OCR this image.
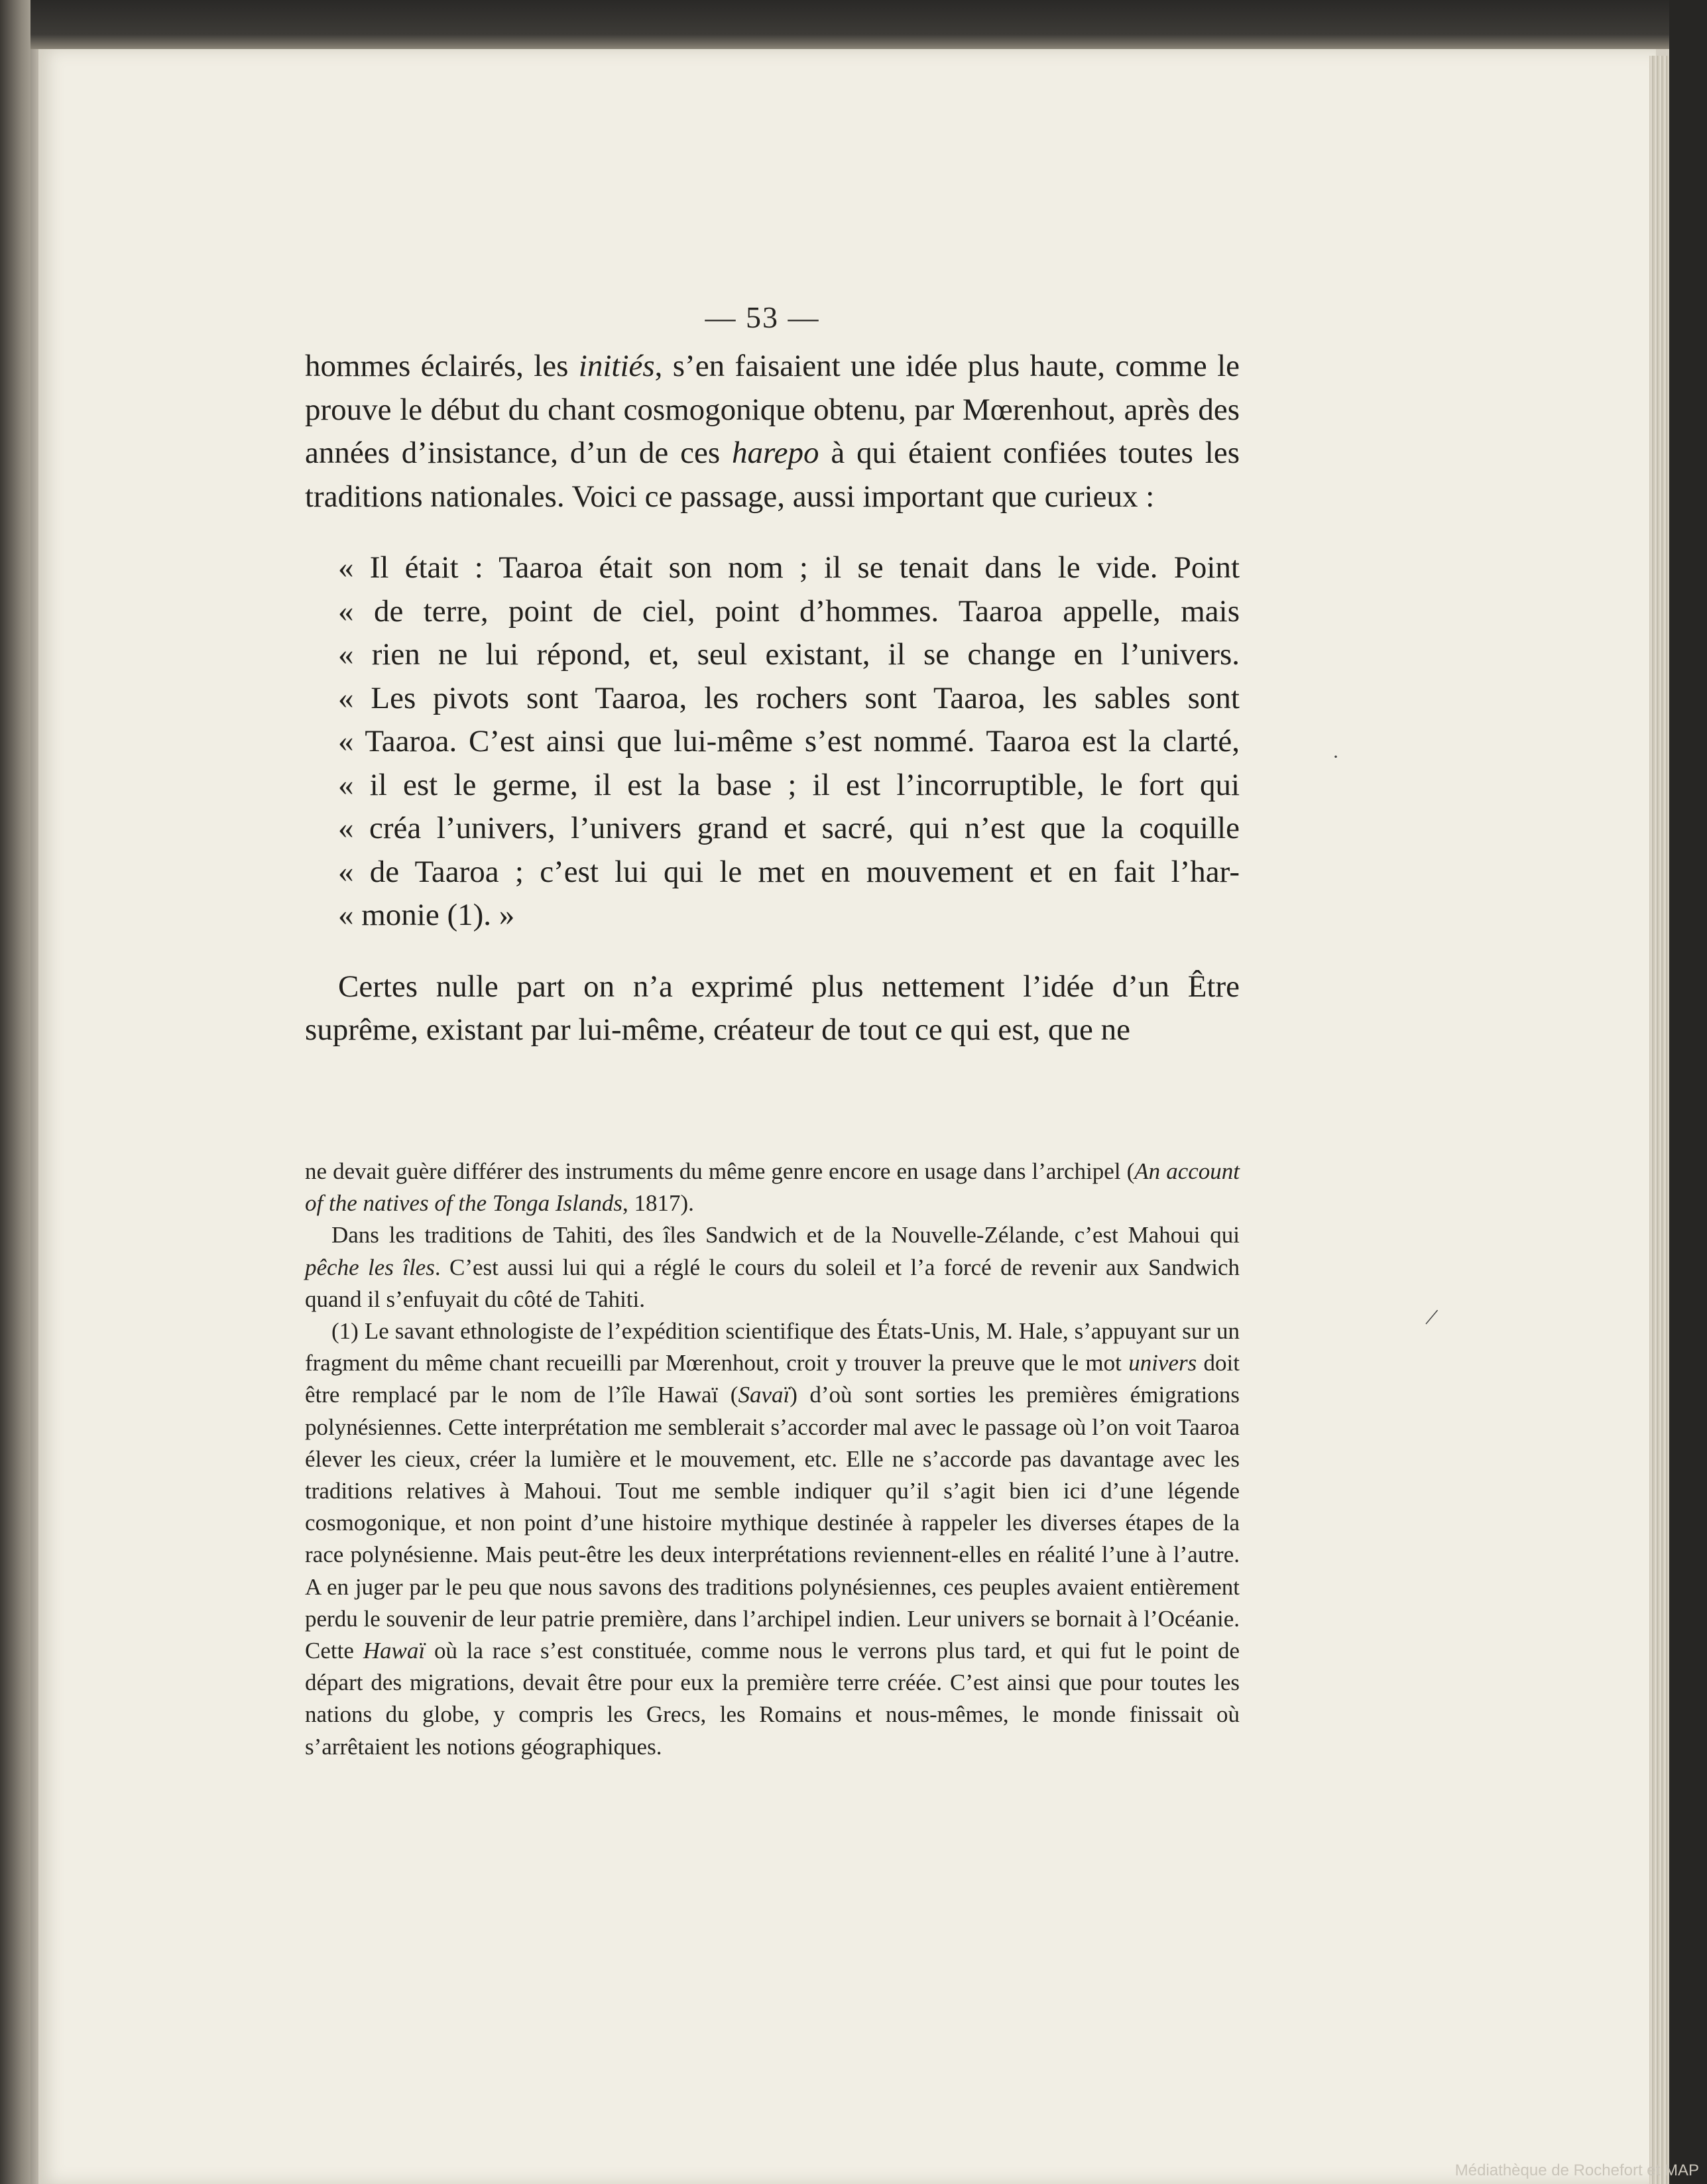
— 53 —

hommes éclairés, les initiés, s’en faisaient une idée plus haute, comme le prouve le début du chant cosmogonique obtenu, par Mœrenhout, après des années d’insistance, d’un de ces harepo à qui étaient confiées toutes les traditions nationales. Voici ce passage, aussi important que curieux :

« Il était : Taaroa était son nom ; il se tenait dans le vide. Point
« de terre, point de ciel, point d’hommes. Taaroa appelle, mais
« rien ne lui répond, et, seul existant, il se change en l’univers.
« Les pivots sont Taaroa, les rochers sont Taaroa, les sables sont
« Taaroa. C’est ainsi que lui-même s’est nommé. Taaroa est la clarté,
« il est le germe, il est la base ; il est l’incorruptible, le fort qui
« créa l’univers, l’univers grand et sacré, qui n’est que la coquille
« de Taaroa ; c’est lui qui le met en mouvement et en fait l’har-
« monie (1). »

Certes nulle part on n’a exprimé plus nettement l’idée d’un Être suprême, existant par lui-même, créateur de tout ce qui est, que ne

ne devait guère différer des instruments du même genre encore en usage dans l’archipel (An account of the natives of the Tonga Islands, 1817).

Dans les traditions de Tahiti, des îles Sandwich et de la Nouvelle-Zélande, c’est Mahoui qui pêche les îles. C’est aussi lui qui a réglé le cours du soleil et l’a forcé de revenir aux Sandwich quand il s’enfuyait du côté de Tahiti.

(1) Le savant ethnologiste de l’expédition scientifique des États-Unis, M. Hale, s’appuyant sur un fragment du même chant recueilli par Mœrenhout, croit y trouver la preuve que le mot univers doit être remplacé par le nom de l’île Hawaï (Savaï) d’où sont sorties les premières émigrations polynésiennes. Cette interprétation me semblerait s’accorder mal avec le passage où l’on voit Taaroa élever les cieux, créer la lumière et le mouvement, etc. Elle ne s’accorde pas davantage avec les traditions relatives à Mahoui. Tout me semble indiquer qu’il s’agit bien ici d’une légende cosmogonique, et non point d’une histoire mythique destinée à rappeler les diverses étapes de la race polynésienne. Mais peut-être les deux interprétations reviennent-elles en réalité l’une à l’autre. A en juger par le peu que nous savons des traditions polynésiennes, ces peuples avaient entièrement perdu le souvenir de leur patrie première, dans l’archipel indien. Leur univers se bornait à l’Océanie. Cette Hawaï où la race s’est constituée, comme nous le verrons plus tard, et qui fut le point de départ des migrations, devait être pour eux la première terre créée. C’est ainsi que pour toutes les nations du globe, y compris les Grecs, les Romains et nous-mêmes, le monde finissait où s’arrêtaient les notions géographiques.

·
|
Médiathèque de Rochefort et MAP
